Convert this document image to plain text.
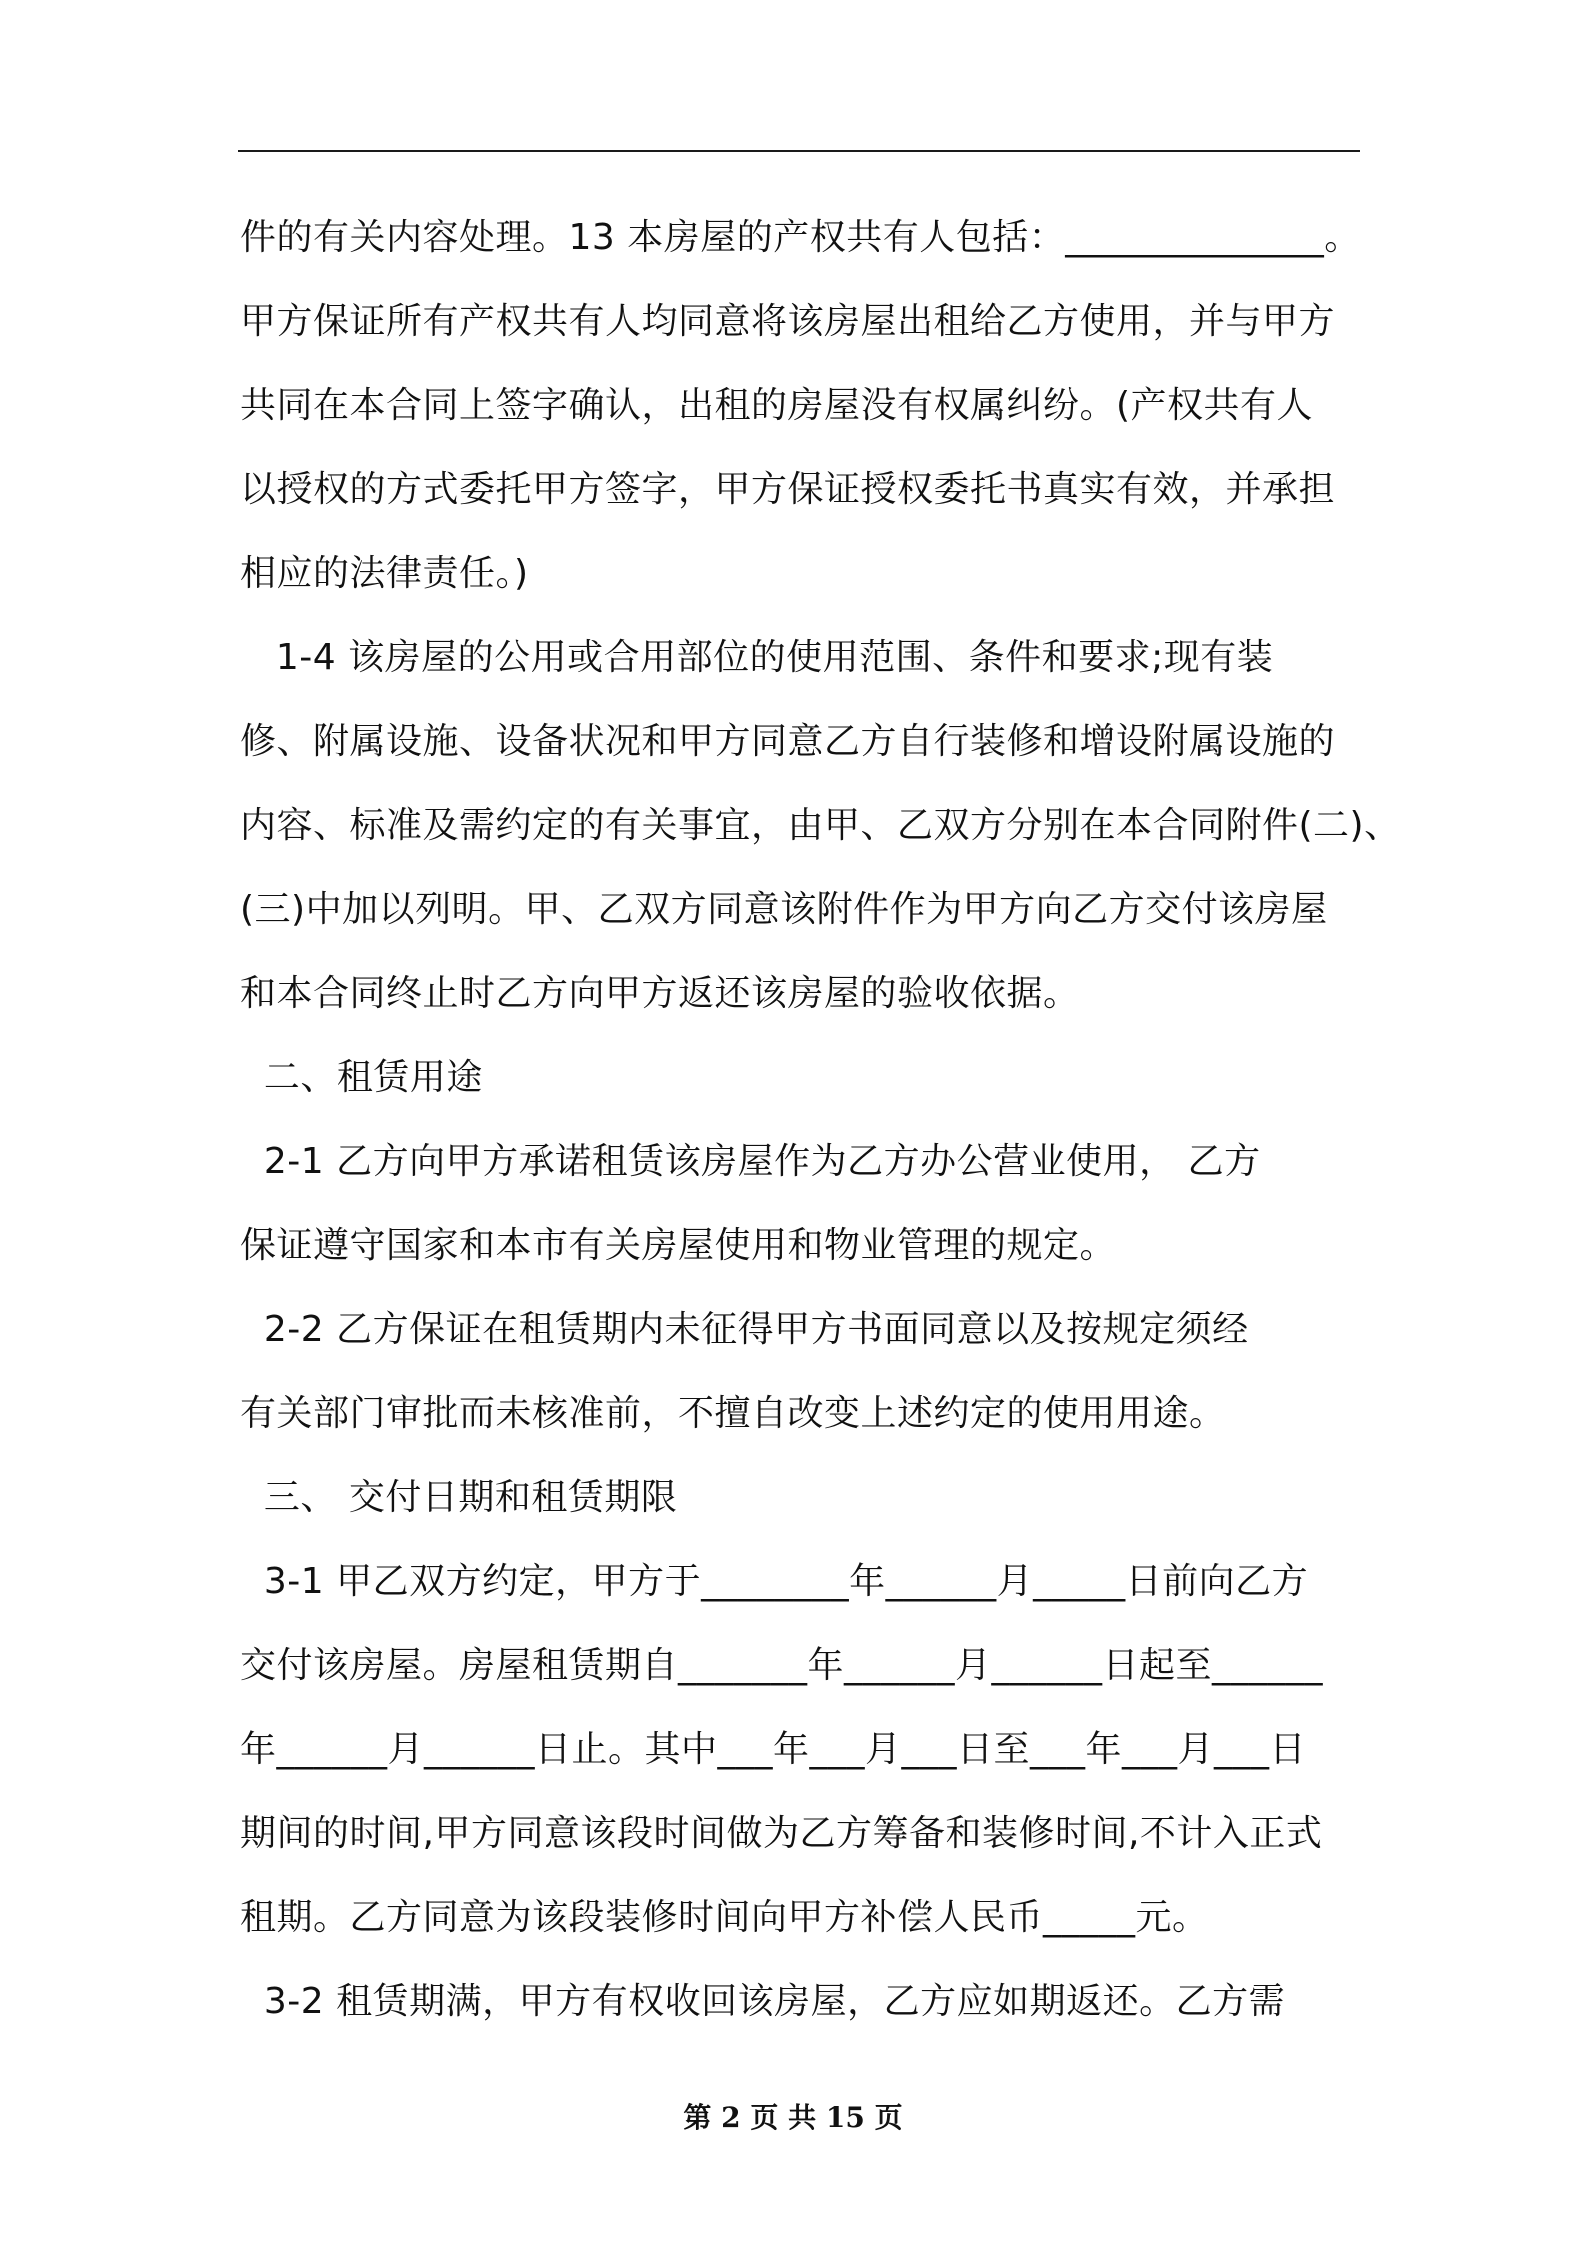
件的有关内容处理。13 本房屋的产权共有人包括：______________。
甲方保证所有产权共有人均同意将该房屋出租给乙方使用，并与甲方
共同在本合同上签字确认，出租的房屋没有权属纠纷。(产权共有人
以授权的方式委托甲方签字，甲方保证授权委托书真实有效，并承担
相应的法律责任。)
1-4 该房屋的公用或合用部位的使用范围、条件和要求;现有装
修、附属设施、设备状况和甲方同意乙方自行装修和增设附属设施的
内容、标准及需约定的有关事宜，由甲、乙双方分别在本合同附件(二)、
(三)中加以列明。甲、乙双方同意该附件作为甲方向乙方交付该房屋
和本合同终止时乙方向甲方返还该房屋的验收依据。
二、租赁用途
2-1 乙方向甲方承诺租赁该房屋作为乙方办公营业使用， 乙方
保证遵守国家和本市有关房屋使用和物业管理的规定。
2-2 乙方保证在租赁期内未征得甲方书面同意以及按规定须经
有关部门审批而未核准前，不擅自改变上述约定的使用用途。
三、 交付日期和租赁期限
3-1 甲乙双方约定，甲方于________年______月_____日前向乙方
交付该房屋。房屋租赁期自_______年______月______日起至______
年______月______日止。其中___年___月___日至___年___月___日
期间的时间,甲方同意该段时间做为乙方筹备和装修时间,不计入正式
租期。乙方同意为该段装修时间向甲方补偿人民币_____元。
3-2 租赁期满，甲方有权收回该房屋，乙方应如期返还。乙方需
第 2 页 共 15 页
